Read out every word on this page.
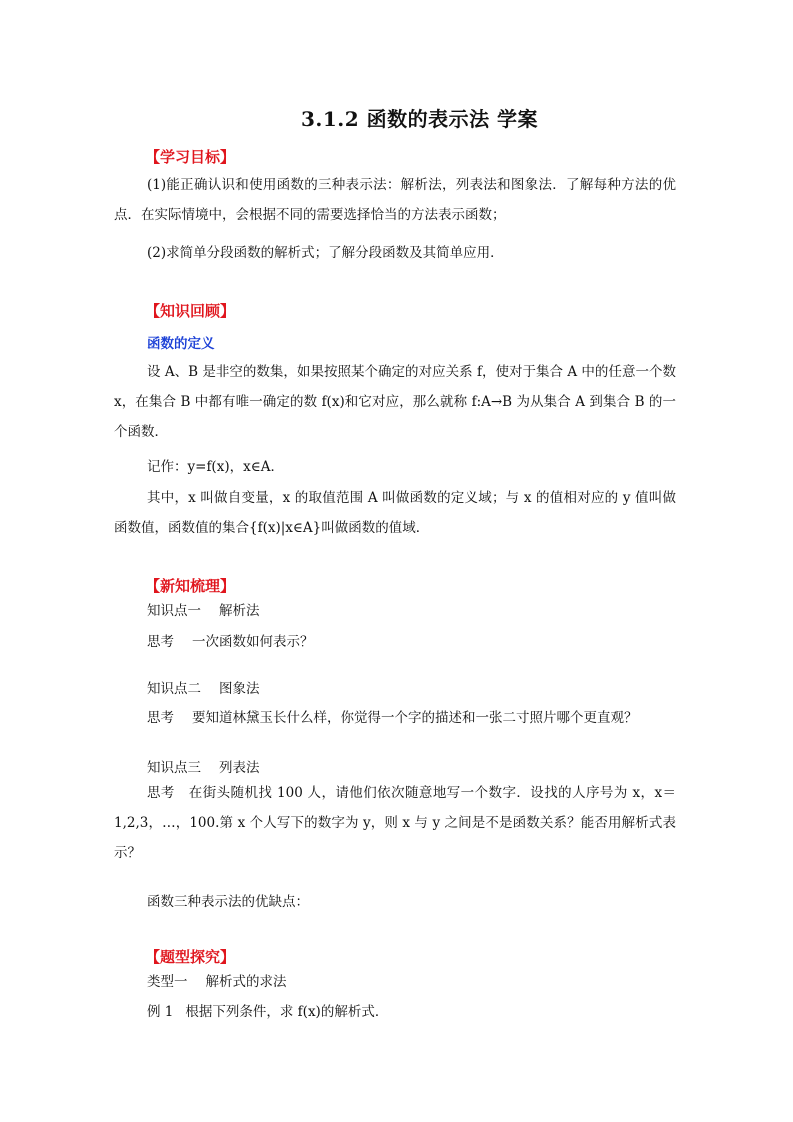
3.1.2 函数的表示法 学案
【学习目标】

(1)能正确认识和使用函数的三种表示法：解析法，列表法和图象法．了解每种方法的优点．在实际情境中，会根据不同的需要选择恰当的方法表示函数；

(2)求简单分段函数的解析式；了解分段函数及其简单应用．

【知识回顾】
函数的定义

设 A、B 是非空的数集，如果按照某个确定的对应关系 f，使对于集合 A 中的任意一个数 x，在集合 B 中都有唯一确定的数 f(x)和它对应，那么就称 f:A→B 为从集合 A 到集合 B 的一个函数．

记作：y=f(x)，x∈A．

其中，x 叫做自变量，x 的取值范围 A 叫做函数的定义域；与 x 的值相对应的 y 值叫做函数值，函数值的集合{f(x)|x∈A}叫做函数的值域．

【新知梳理】
知识点一 解析法
思考 一次函数如何表示？
知识点二 图象法
思考 要知道林黛玉长什么样，你觉得一个字的描述和一张二寸照片哪个更直观？
知识点三 列表法

思考　在街头随机找 100 人，请他们依次随意地写一个数字．设找的人序号为 x，x＝1,2,3，…，100.第 x 个人写下的数字为 y，则 x 与 y 之间是不是函数关系？能否用解析式表示？

函数三种表示法的优缺点：
【题型探究】
类型一 解析式的求法
例 1 根据下列条件，求 f(x)的解析式．
